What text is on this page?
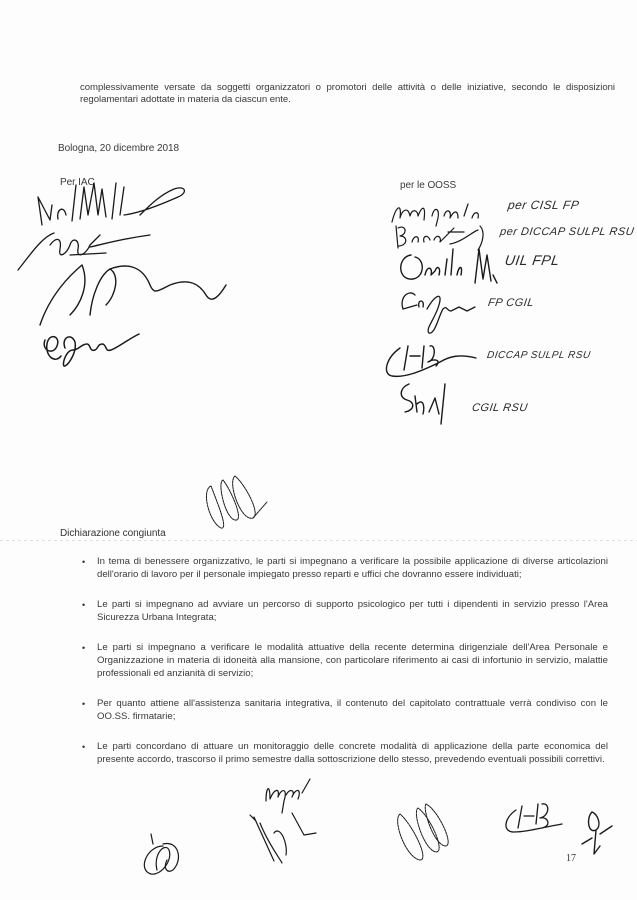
complessivamente versate da soggetti organizzatori o promotori delle attività o delle iniziative, secondo le disposizioni regolamentari adottate in materia da ciascun ente.

Bologna, 20 dicembre 2018
Per IAC	per le OOSS
per CISL FP
per DICCAP SULPL RSU
UIL FPL
FP CGIL
DICCAP SULPL RSU
CGIL RSU
Dichiarazione congiunta
• In tema di benessere organizzativo, le parti si impegnano a verificare la possibile applicazione di diverse articolazioni dell'orario di lavoro per il personale impiegato presso reparti e uffici che dovranno essere individuati;
• Le parti si impegnano ad avviare un percorso di supporto psicologico per tutti i dipendenti in servizio presso l'Area Sicurezza Urbana Integrata;
• Le parti si impegnano a verificare le modalità attuative della recente determina dirigenziale dell'Area Personale e Organizzazione in materia di idoneità alla mansione, con particolare riferimento ai casi di infortunio in servizio, malattie professionali ed anzianità di servizio;
• Per quanto attiene all'assistenza sanitaria integrativa, il contenuto del capitolato contrattuale verrà condiviso con le OO.SS. firmatarie;
• Le parti concordano di attuare un monitoraggio delle concrete modalità di applicazione della parte economica del presente accordo, trascorso il primo semestre dalla sottoscrizione dello stesso, prevedendo eventuali possibili correttivi.
17
